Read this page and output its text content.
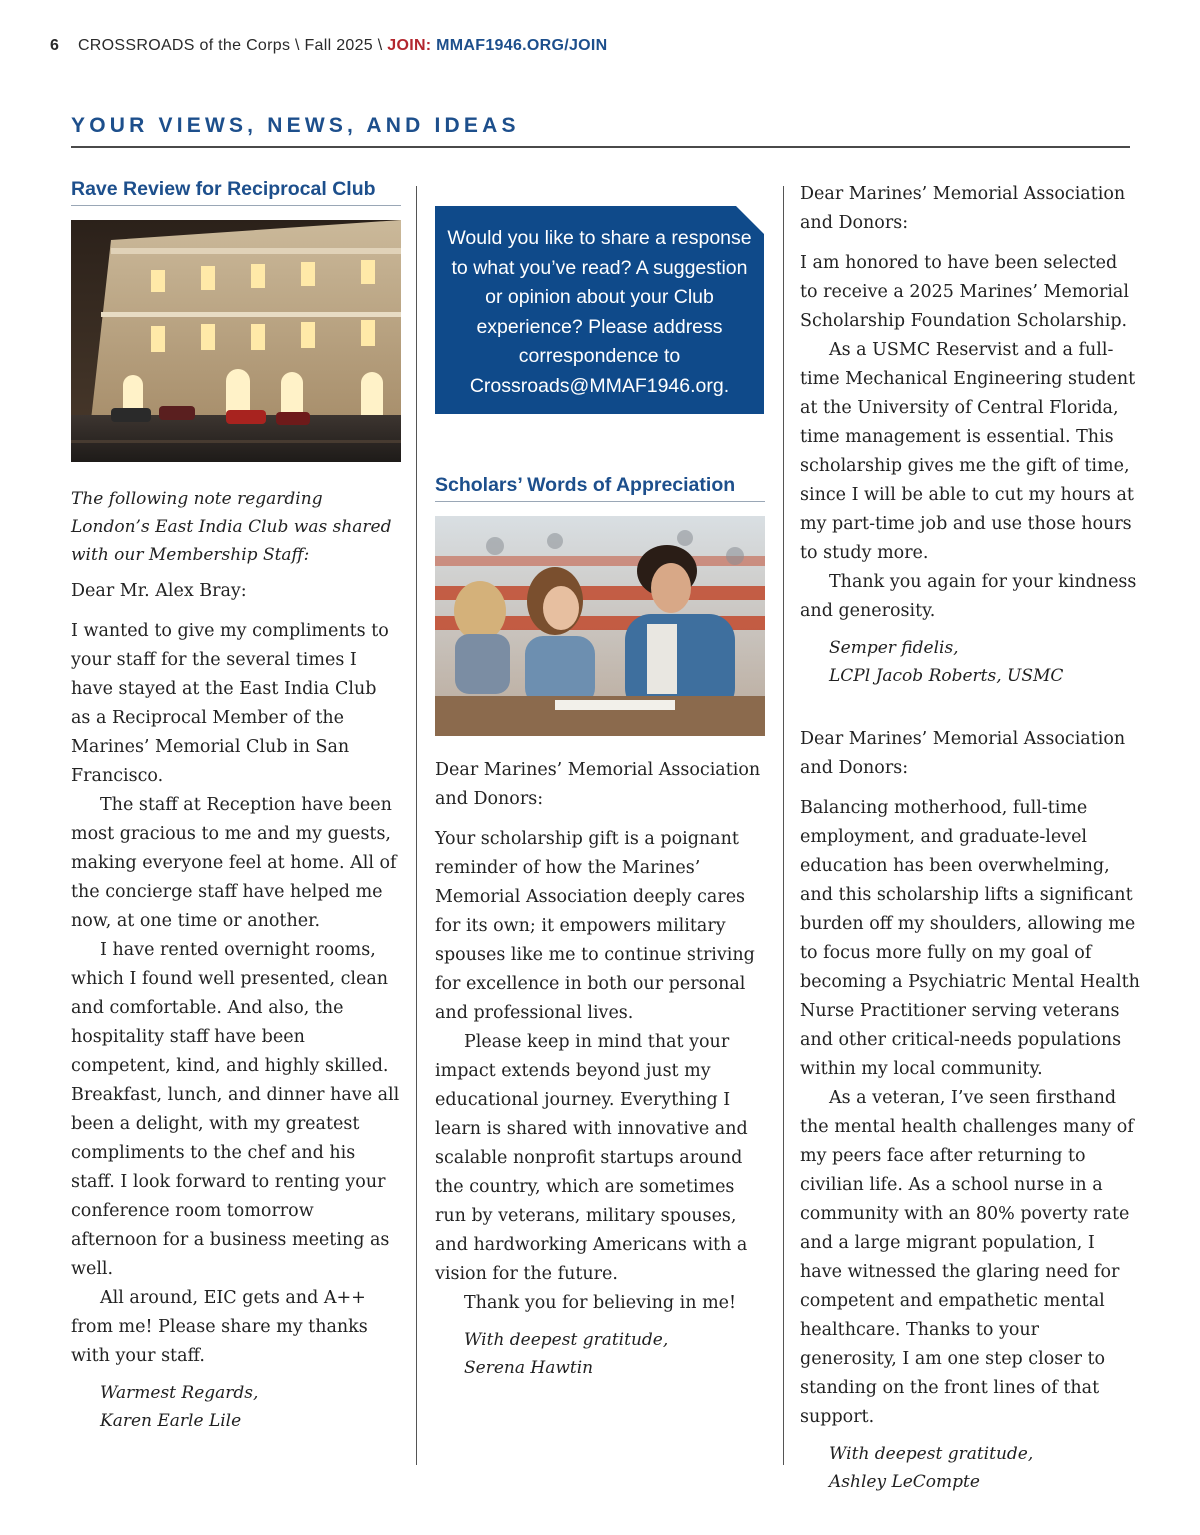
6 CROSSROADS of the Corps \ Fall 2025 \ JOIN: MMAF1946.ORG/JOIN
YOUR VIEWS, NEWS, AND IDEAS
Rave Review for Reciprocal Club

The following note regarding London’s East India Club was shared with our Membership Staff:

Dear Mr. Alex Bray:

I wanted to give my compliments to your staff for the several times I have stayed at the East India Club as a Reciprocal Member of the Marines’ Memorial Club in San Francisco.

The staff at Reception have been most gracious to me and my guests, making everyone feel at home. All of the concierge staff have helped me now, at one time or another.

I have rented overnight rooms, which I found well presented, clean and comfortable. And also, the hospitality staff have been competent, kind, and highly skilled. Breakfast, lunch, and dinner have all been a delight, with my greatest compliments to the chef and his staff. I look forward to renting your conference room tomorrow afternoon for a business meeting as well.

All around, EIC gets and A++ from me! Please share my thanks with your staff.

Warmest Regards,
Karen Earle Lile
Would you like to share a response to what you’ve read? A suggestion or opinion about your Club experience? Please address correspondence to Crossroads@MMAF1946.org.
Scholars’ Words of Appreciation

Dear Marines’ Memorial Association and Donors:

Your scholarship gift is a poignant reminder of how the Marines’ Memorial Association deeply cares for its own; it empowers military spouses like me to continue striving for excellence in both our personal and professional lives.

Please keep in mind that your impact extends beyond just my educational journey. Everything I learn is shared with innovative and scalable nonprofit startups around the country, which are sometimes run by veterans, military spouses, and hardworking Americans with a vision for the future.

Thank you for believing in me!

With deepest gratitude,
Serena Hawtin

Dear Marines’ Memorial Association and Donors:

I am honored to have been selected to receive a 2025 Marines’ Memorial Scholarship Foundation Scholarship.

As a USMC Reservist and a full-time Mechanical Engineering student at the University of Central Florida, time management is essential. This scholarship gives me the gift of time, since I will be able to cut my hours at my part-time job and use those hours to study more.

Thank you again for your kindness and generosity.

Semper fidelis,
LCPl Jacob Roberts, USMC

Dear Marines’ Memorial Association and Donors:

Balancing motherhood, full-time employment, and graduate-level education has been overwhelming, and this scholarship lifts a significant burden off my shoulders, allowing me to focus more fully on my goal of becoming a Psychiatric Mental Health Nurse Practitioner serving veterans and other critical-needs populations within my local community.

As a veteran, I’ve seen firsthand the mental health challenges many of my peers face after returning to civilian life. As a school nurse in a community with an 80% poverty rate and a large migrant population, I have witnessed the glaring need for competent and empathetic mental healthcare. Thanks to your generosity, I am one step closer to standing on the front lines of that support.

With deepest gratitude,
Ashley LeCompte
